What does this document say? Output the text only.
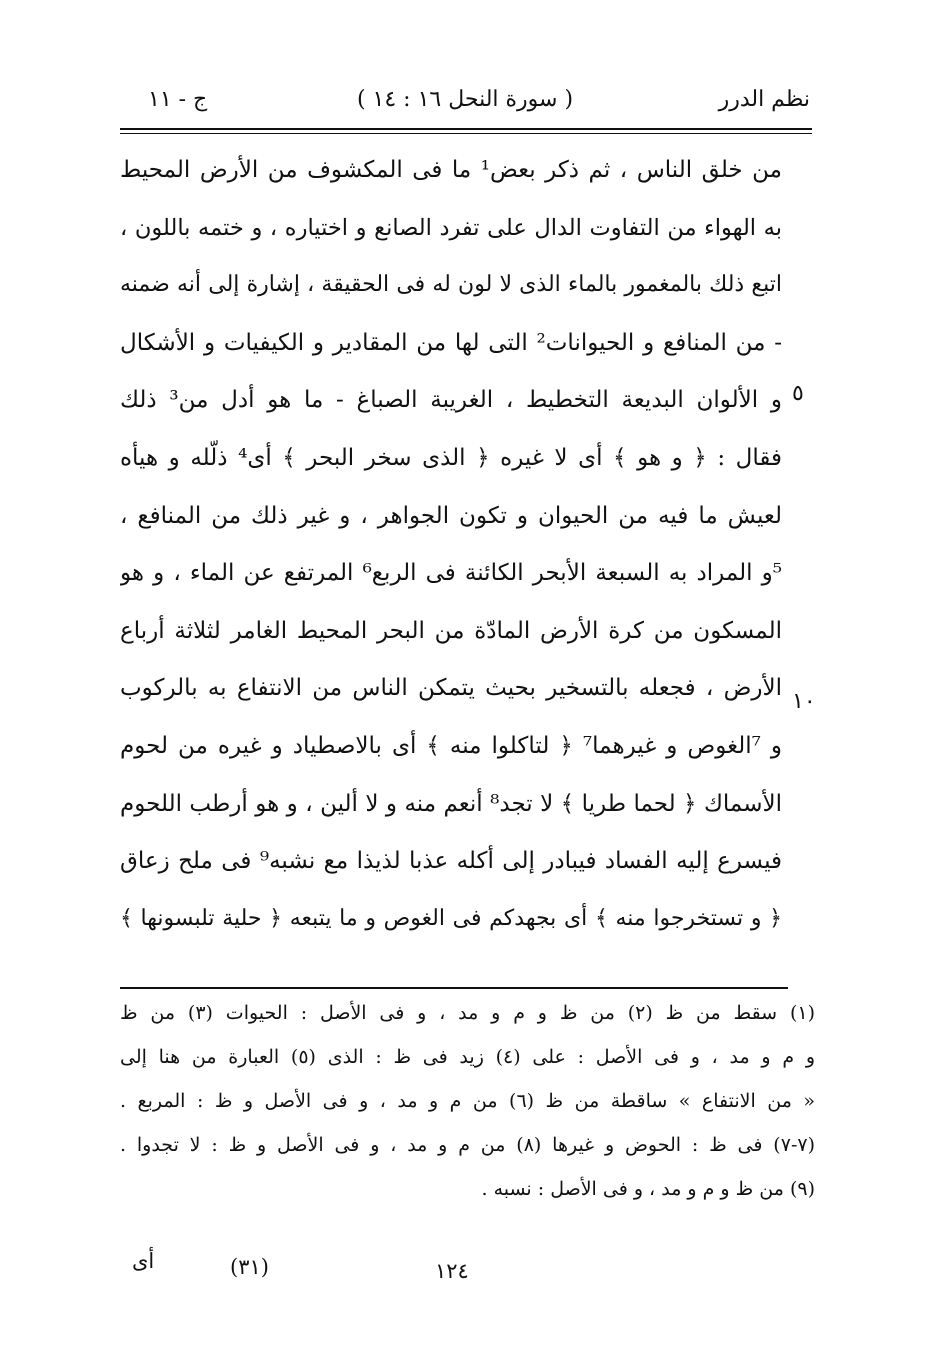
نظم الدرر
( سورة النحل ١٦ : ١٤ )
ج - ١١
من خلق الناس ، ثم ذكر بعض¹ ما فى المكشوف من الأرض المحيط
به الهواء من التفاوت الدال على تفرد الصانع و اختياره ، و ختمه باللون ،
اتبع ذلك بالمغمور بالماء الذى لا لون له فى الحقيقة ، إشارة إلى أنه ضمنه
- من المنافع و الحيوانات² التى لها من المقادير و الكيفيات و الأشكال
و الألوان البديعة التخطيط ، الغريبة الصباغ - ما هو أدل من³ ذلك
فقال : ﴿ و هو ﴾ أى لا غيره ﴿ الذى سخر البحر ﴾ أى⁴ ذلّله و هيأه
لعيش ما فيه من الحيوان و تكون الجواهر ، و غير ذلك من المنافع ،
⁵و المراد به السبعة الأبحر الكائنة فى الربع⁶ المرتفع عن الماء ، و هو
المسكون من كرة الأرض المادّة من البحر المحيط الغامر لثلاثة أرباع
الأرض ، فجعله بالتسخير بحيث يتمكن الناس من الانتفاع به بالركوب
و ⁷الغوص و غيرهما⁷ ﴿ لتاكلوا منه ﴾ أى بالاصطياد و غيره من لحوم
الأسماك ﴿ لحما طريا ﴾ لا تجد⁸ أنعم منه و لا ألين ، و هو أرطب اللحوم
فيسرع إليه الفساد فيبادر إلى أكله عذبا لذيذا مع نشبه⁹ فى ملح زعاق
﴿ و تستخرجوا منه ﴾ أى بجهدكم فى الغوص و ما يتبعه ﴿ حلية تلبسونها ﴾
٥
١٠
(١) سقط من ظ (٢) من ظ و م و مد ، و فى الأصل : الحيوات (٣) من ظ
و م و مد ، و فى الأصل : على (٤) زيد فى ظ : الذى (٥) العبارة من هنا إلى
« من الانتفاع » ساقطة من ظ (٦) من م و مد ، و فى الأصل و ظ : المربع .
(٧-٧) فى ظ : الحوض و غيرها (٨) من م و مد ، و فى الأصل و ظ : لا تجدوا .
(٩) من ظ و م و مد ، و فى الأصل : نسبه .
١٢٤
(٣١)
أى
